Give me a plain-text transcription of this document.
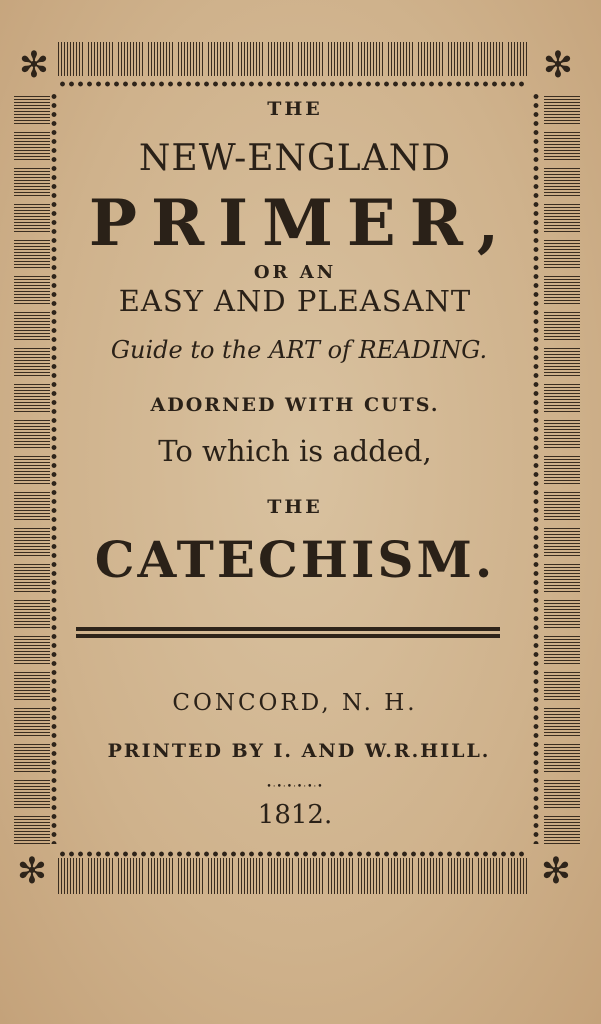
✻	✻
✻	✻
THE
NEW-ENGLAND
PRIMER,
OR AN
EASY AND PLEASANT
Guide to the ART of READING.
ADORNED WITH CUTS.
To which is added,
THE
CATECHISM.
CONCORD, N. H.
PRINTED BY I. AND W.R.HILL.
•·•·•·•·•·•
1812.
